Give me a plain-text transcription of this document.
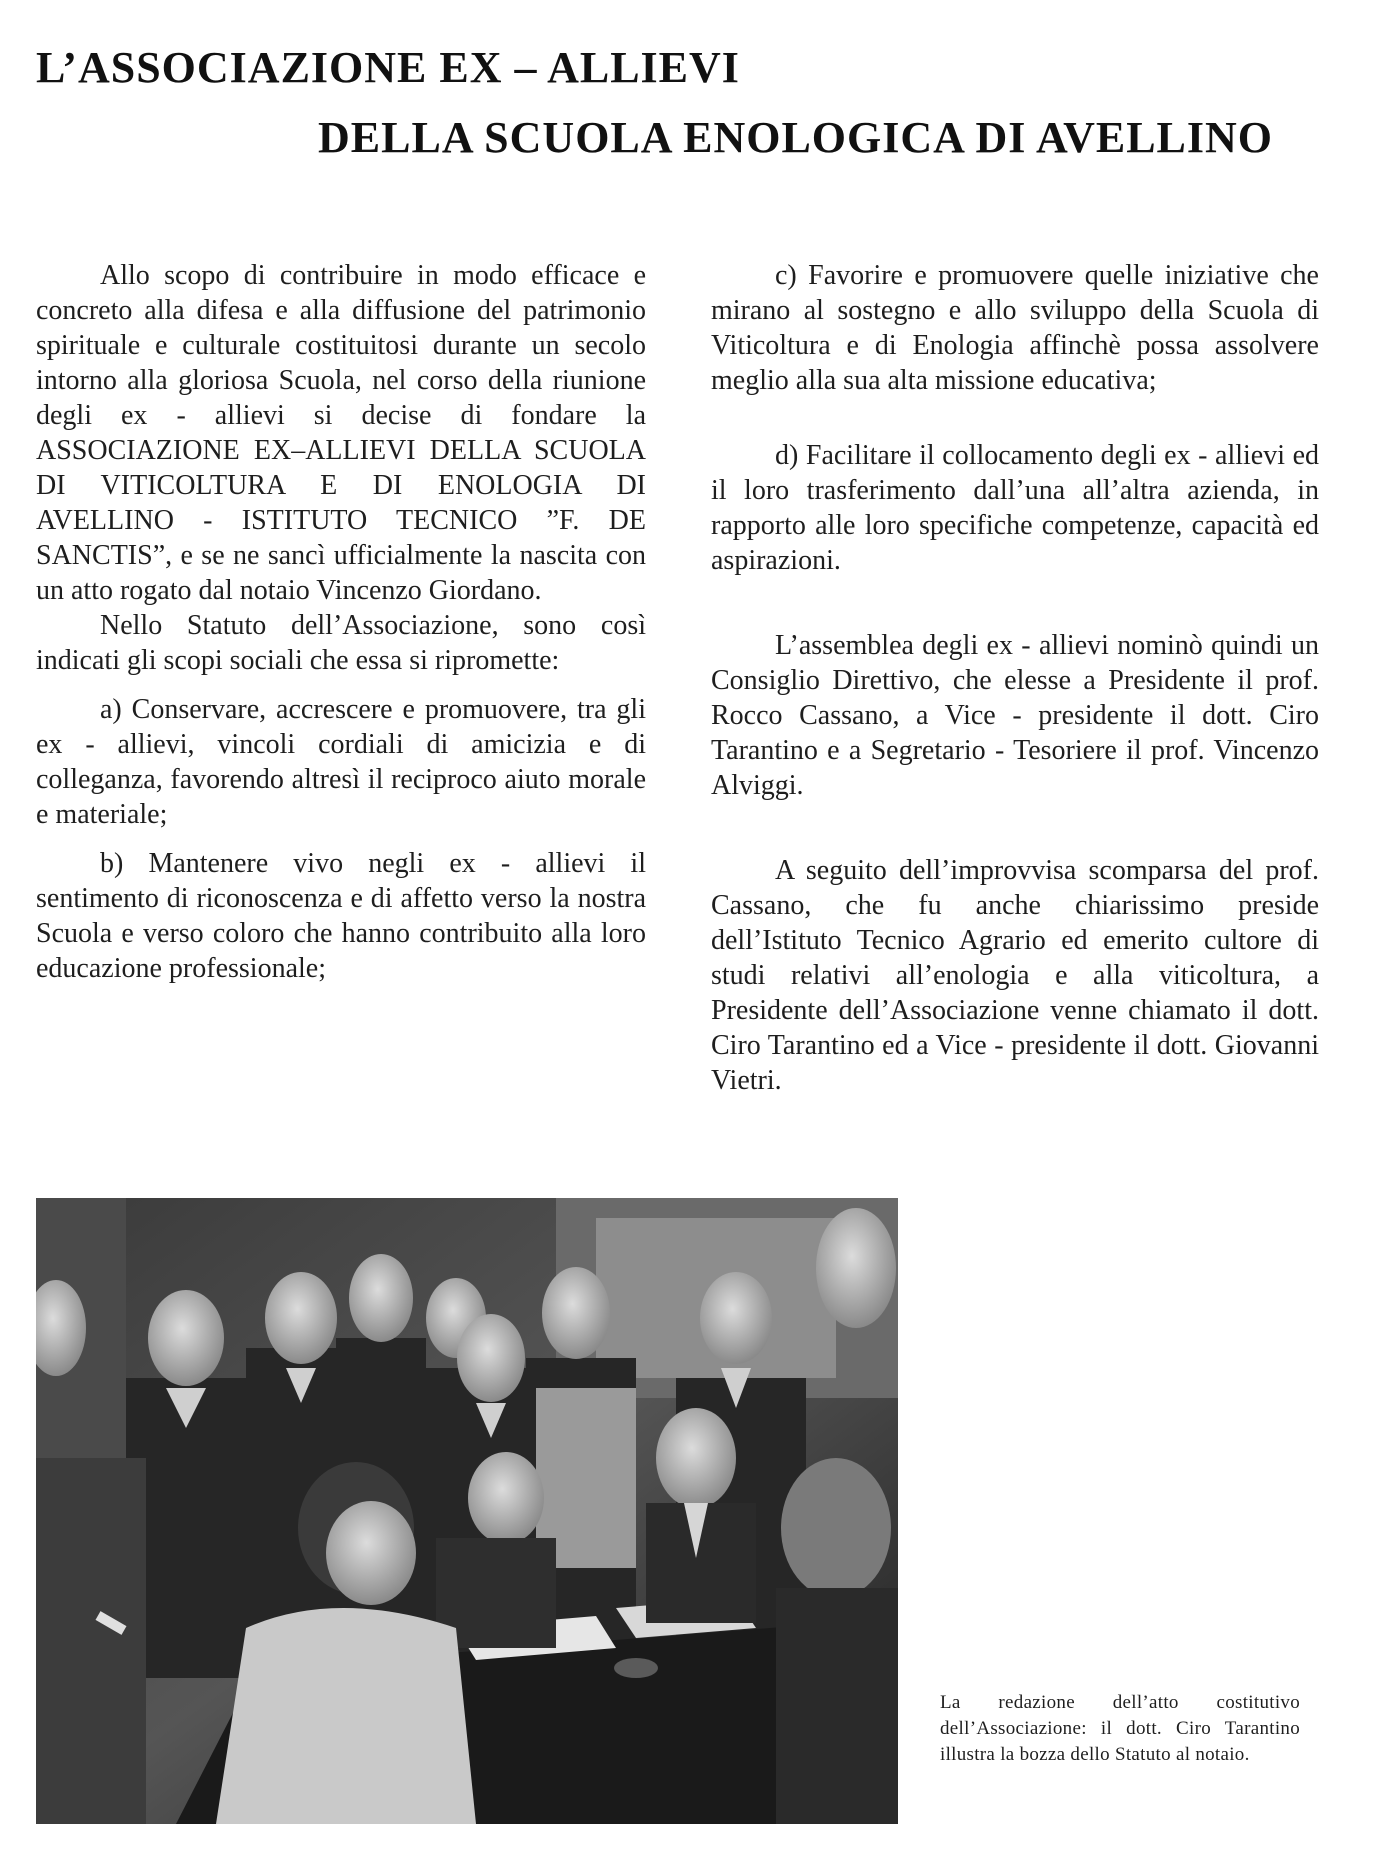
L’ASSOCIAZIONE EX – ALLIEVI
DELLA SCUOLA ENOLOGICA DI AVELLINO

Allo scopo di contribuire in modo efficace e concreto alla difesa e alla diffusione del patrimonio spirituale e culturale costituitosi durante un secolo intorno alla gloriosa Scuola, nel corso della riunione degli ex - allievi si decise di fondare la ASSOCIAZIONE EX–ALLIEVI DELLA SCUOLA DI VITICOLTURA E DI ENOLOGIA DI AVELLINO - ISTITUTO TECNICO ”F. DE SANCTIS”, e se ne sancì ufficialmente la nascita con un atto rogato dal notaio Vincenzo Giordano.

Nello Statuto dell’Associazione, sono così indicati gli scopi sociali che essa si ripromette:

a) Conservare, accrescere e promuovere, tra gli ex - allievi, vincoli cordiali di amicizia e di colleganza, favorendo altresì il reciproco aiuto morale e materiale;

b) Mantenere vivo negli ex - allievi il sentimento di riconoscenza e di affetto verso la nostra Scuola e verso coloro che hanno contribuito alla loro educazione professionale;

c) Favorire e promuovere quelle iniziative che mirano al sostegno e allo sviluppo della Scuola di Viticoltura e di Enologia affinchè possa assolvere meglio alla sua alta missione educativa;

d) Facilitare il collocamento degli ex - allievi ed il loro trasferimento dall’una all’altra azienda, in rapporto alle loro specifiche competenze, capacità ed aspirazioni.

L’assemblea degli ex - allievi nominò quindi un Consiglio Direttivo, che elesse a Presidente il prof. Rocco Cassano, a Vice - presidente il dott. Ciro Tarantino e a Segretario - Tesoriere il prof. Vincenzo Alviggi.

A seguito dell’improvvisa scomparsa del prof. Cassano, che fu anche chiarissimo preside dell’Istituto Tecnico Agrario ed emerito cultore di studi relativi all’enologia e alla viticoltura, a Presidente dell’Associazione venne chiamato il dott. Ciro Tarantino ed a Vice - presidente il dott. Giovanni Vietri.

La redazione dell’atto costitutivo dell’Associazione: il dott. Ciro Tarantino illustra la bozza dello Statuto al notaio.
